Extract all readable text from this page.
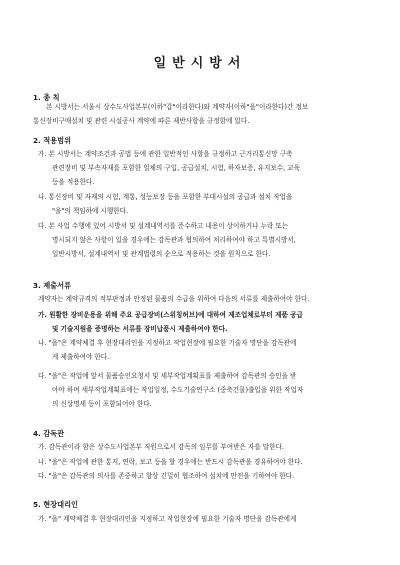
일반시방서
1. 총 칙
본 시방서는 서울시 상수도사업본부(이하"갑"이라한다)와 계약자(이하"을"이라한다)간 정보
통신장비구매설치 및 관련 시설공사 계약에 따른 제반사항을 규정함에 있다.
2. 적용범위
가. 본 시방서는 계약조건과 공법 등에 관한 일반적인 사항을 규정하고 근거리통신망 구축
관련장비 및 부속자재를 포함한 일체의 구입, 공급설치, 시험, 하자보증, 유지보수, 교육
등을 적용한다.
나. 통신장비 및 자재의 시험, 계통, 성능보장 등을 포함한 부대시설의 공급과 설치 작업을
"을"의 책임하에 시행한다.
다. 본 사업 수행에 있어 시방서 및 설계내역서를 준수하고 내용이 상이하거나 누락 또는
명시되지 않은 사항이 있을 경우에는 감독관과 협의하여 처리하여야 하고 특별시방서,
일반시방서, 설계내역서 및 관계법령의 순으로 적용하는 것을 원칙으로 한다.
3. 제출서류
계약자는 계약규격의 적부판정과 안정된 물품의 수급을 위하여 다음의 서류를 제출하여야 한다.
가. 원활한 장비운용을 위해 주요 공급장비(스위칭허브)에 대하여 제조업체로부터 제품 공급
및 기술지원을 증명하는 서류를 장비납품시 제출하여야 한다.
나. "을"은 계약체결 후 현장대리인을 지정하고 작업현장에 필요한 기술자 명단을 감독관에
게 제출하여야 한다.
다. "을"은 작업에 앞서 물품승인요청서 및 세부작업계획표를 제출하여 감독관의 승인을 받
아야 하며 세부작업계획표에는 작업일정, 수도기술연구소 (중축건물)출입을 위한 작업자
의 신상명세 등이 포함되어야 한다.
4. 감독관
가. 감독관이라 함은 상수도사업본부 직원으로서 감독의 임무를 부여받은 자를 말한다.
나. "을"은 작업에 관한 통지, 연락, 보고 등을 할 경우에는 반드시 감독관을 경유하여야 한다.
다. "을"은 감독관의 의사를 존중하고 항상 긴밀히 협조하여 설치에 만전을 기하여야 한다.
5. 현장대리인
가. "을" 계약체결 후 현장대리인을 지정하고 작업현장에 필요한 기술자 명단을 감독관에게
